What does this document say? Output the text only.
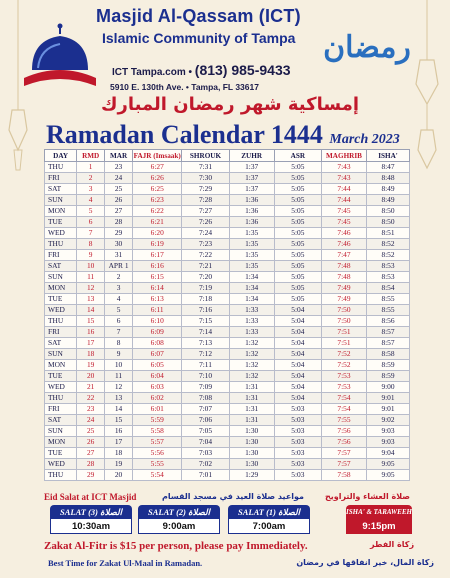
Masjid Al-Qassam (ICT)
Islamic Community of Tampa
ICT Tampa.com • (813) 985-9433
5910 E. 130th Ave. • Tampa, FL 33617
رمضان
إمساكية شهر رمضان المبارك
Ramadan Calendar 1444 March 2023
DAY	RMD	MAR	FAJR (Imsaak)	SHROUK	ZUHR	ASR	MAGHRIB	ISHA'
THU	1	23	6:27	7:31	1:37	5:05	7:43	8:47
FRI	2	24	6:26	7:30	1:37	5:05	7:43	8:48
SAT	3	25	6:25	7:29	1:37	5:05	7:44	8:49
SUN	4	26	6:23	7:28	1:36	5:05	7:44	8:49
MON	5	27	6:22	7:27	1:36	5:05	7:45	8:50
TUE	6	28	6:21	7:26	1:36	5:05	7:45	8:50
WED	7	29	6:20	7:24	1:35	5:05	7:46	8:51
THU	8	30	6:19	7:23	1:35	5:05	7:46	8:52
FRI	9	31	6:17	7:22	1:35	5:05	7:47	8:52
SAT	10	APR 1	6:16	7:21	1:35	5:05	7:48	8:53
SUN	11	2	6:15	7:20	1:34	5:05	7:48	8:53
MON	12	3	6:14	7:19	1:34	5:05	7:49	8:54
TUE	13	4	6:13	7:18	1:34	5:05	7:49	8:55
WED	14	5	6:11	7:16	1:33	5:04	7:50	8:55
THU	15	6	6:10	7:15	1:33	5:04	7:50	8:56
FRI	16	7	6:09	7:14	1:33	5:04	7:51	8:57
SAT	17	8	6:08	7:13	1:32	5:04	7:51	8:57
SUN	18	9	6:07	7:12	1:32	5:04	7:52	8:58
MON	19	10	6:05	7:11	1:32	5:04	7:52	8:59
TUE	20	11	6:04	7:10	1:32	5:04	7:53	8:59
WED	21	12	6:03	7:09	1:31	5:04	7:53	9:00
THU	22	13	6:02	7:08	1:31	5:04	7:54	9:01
FRI	23	14	6:01	7:07	1:31	5:03	7:54	9:01
SAT	24	15	5:59	7:06	1:31	5:03	7:55	9:02
SUN	25	16	5:58	7:05	1:30	5:03	7:56	9:03
MON	26	17	5:57	7:04	1:30	5:03	7:56	9:03
TUE	27	18	5:56	7:03	1:30	5:03	7:57	9:04
WED	28	19	5:55	7:02	1:30	5:03	7:57	9:05
THU	29	20	5:54	7:01	1:29	5:03	7:58	9:05
Eid Salat at ICT Masjid	مواعيد صلاة العيد في مسجد القسام	صلاة العشاء والتراويح
SALAT (3) الصلاة
10:30am
SALAT (2) الصلاة
9:00am
SALAT (1) الصلاة
7:00am
ISHA' & TARAWEEH
9:15pm
Zakat Al-Fitr is $15 per person, please pay Immediately.	زكاة الفطر
Best Time for Zakat Ul-Maal in Ramadan.	زكاة المال، خير انفاقها في رمضان
